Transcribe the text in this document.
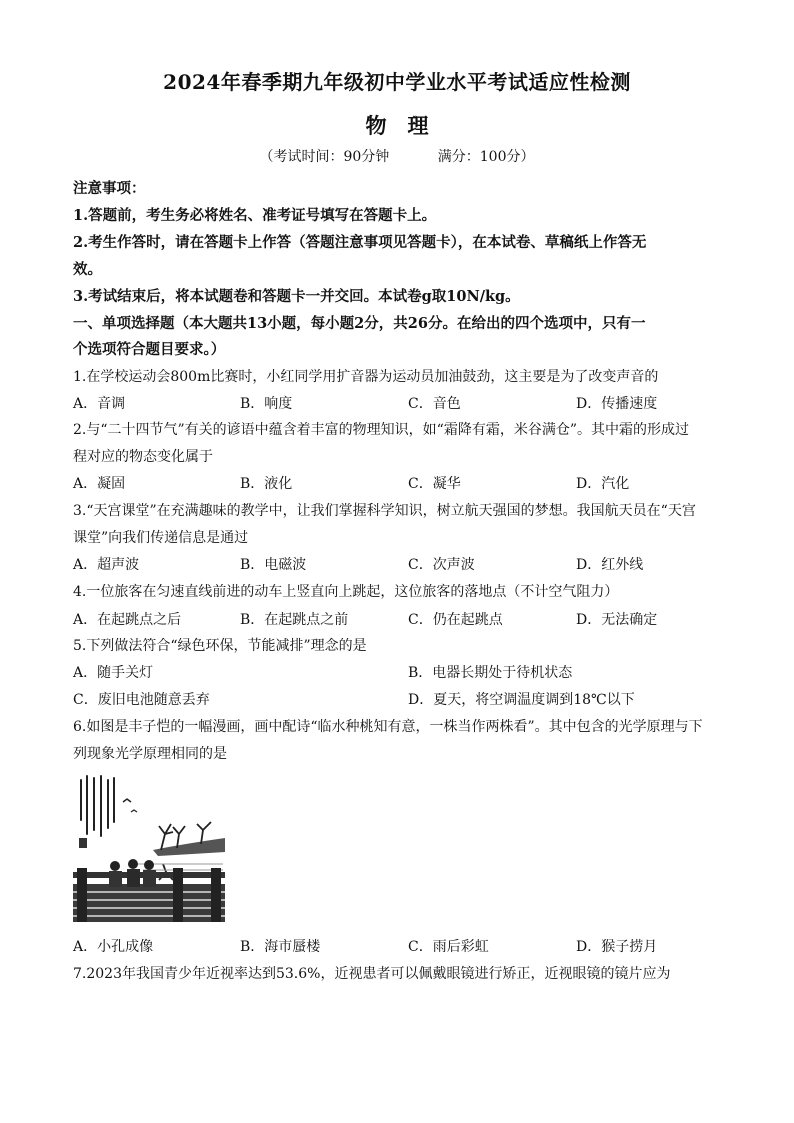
2024年春季期九年级初中学业水平考试适应性检测
物　理
（考试时间：90分钟	满分：100分）
注意事项：
1.答题前，考生务必将姓名、准考证号填写在答题卡上。
2.考生作答时，请在答题卡上作答（答题注意事项见答题卡），在本试卷、草稿纸上作答无
效。
3.考试结束后，将本试题卷和答题卡一并交回。本试卷g取10N/kg。
一、单项选择题（本大题共13小题，每小题2分，共26分。在给出的四个选项中，只有一
个选项符合题目要求。）
1.在学校运动会800m比赛时，小红同学用扩音器为运动员加油鼓劲，这主要是为了改变声音的
A．音调	B．响度	C．音色	D．传播速度
2.与“二十四节气”有关的谚语中蕴含着丰富的物理知识，如“霜降有霜，米谷满仓”。其中霜的形成过
程对应的物态变化属于
A．凝固	B．液化	C．凝华	D．汽化
3.“天宫课堂”在充满趣味的教学中，让我们掌握科学知识，树立航天强国的梦想。我国航天员在“天宫
课堂”向我们传递信息是通过
A．超声波	B．电磁波	C．次声波	D．红外线
4.一位旅客在匀速直线前进的动车上竖直向上跳起，这位旅客的落地点（不计空气阻力）
A．在起跳点之后	B．在起跳点之前	C．仍在起跳点	D．无法确定
5.下列做法符合“绿色环保，节能减排”理念的是
A．随手关灯	B．电器长期处于待机状态
C．废旧电池随意丢弃	D．夏天，将空调温度调到18℃以下
6.如图是丰子恺的一幅漫画，画中配诗“临水种桃知有意，一株当作两株看”。其中包含的光学原理与下
列现象光学原理相同的是
A．小孔成像	B．海市蜃楼	C．雨后彩虹	D．猴子捞月
7.2023年我国青少年近视率达到53.6%，近视患者可以佩戴眼镜进行矫正，近视眼镜的镜片应为
